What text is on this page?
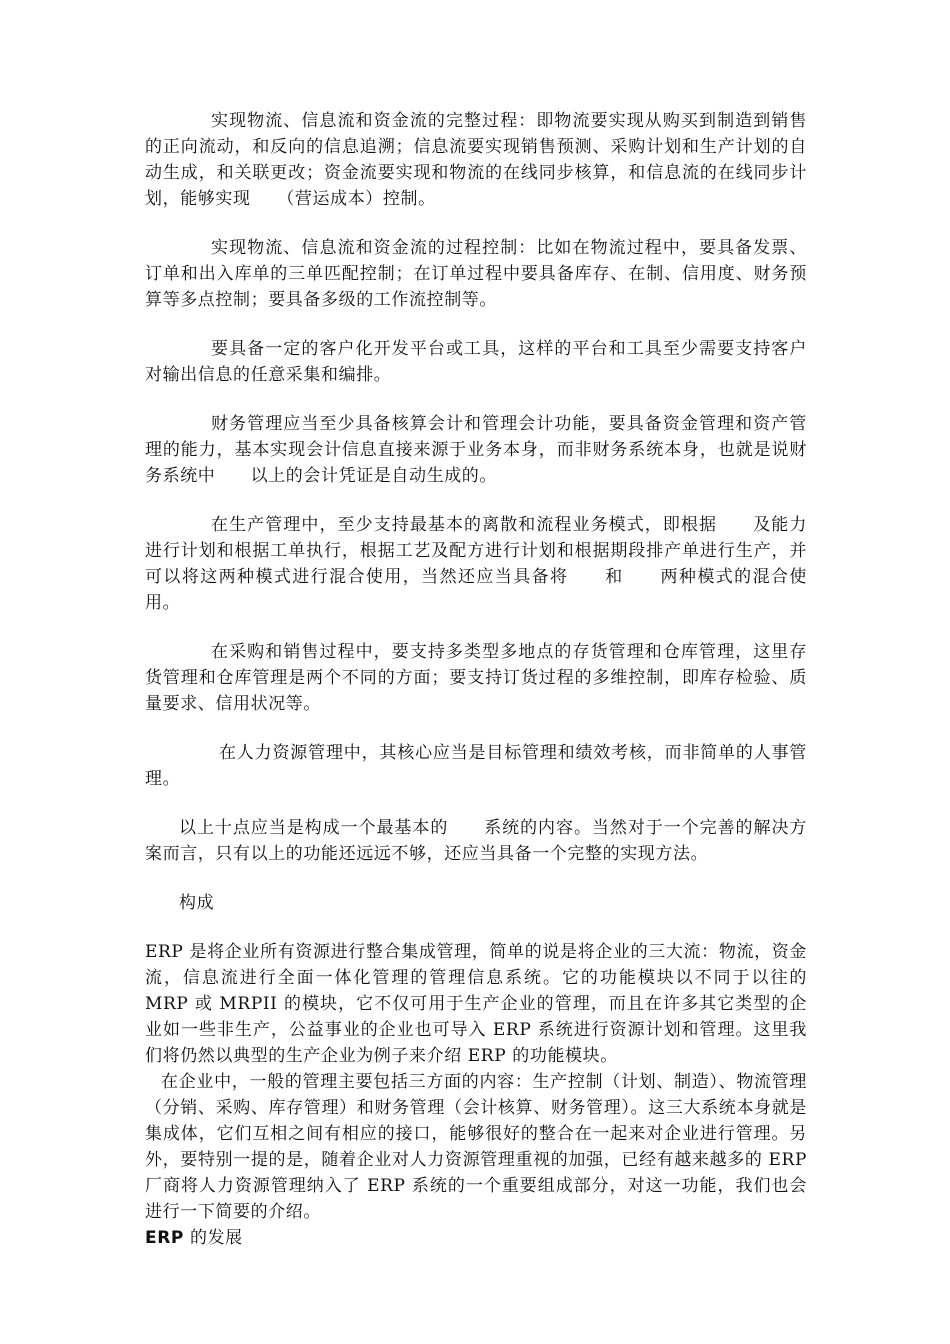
实现物流、信息流和资金流的完整过程：即物流要实现从购买到制造到销售的正向流动，和反向的信息追溯；信息流要实现销售预测、采购计划和生产计划的自动生成，和关联更改；资金流要实现和物流的在线同步核算，和信息流的在线同步计划，能够实现　　（营运成本）控制。

实现物流、信息流和资金流的过程控制：比如在物流过程中，要具备发票、订单和出入库单的三单匹配控制；在订单过程中要具备库存、在制、信用度、财务预算等多点控制；要具备多级的工作流控制等。

要具备一定的客户化开发平台或工具，这样的平台和工具至少需要支持客户对输出信息的任意采集和编排。

财务管理应当至少具备核算会计和管理会计功能，要具备资金管理和资产管理的能力，基本实现会计信息直接来源于业务本身，而非财务系统本身，也就是说财务系统中　　以上的会计凭证是自动生成的。

在生产管理中，至少支持最基本的离散和流程业务模式，即根据　　及能力进行计划和根据工单执行，根据工艺及配方进行计划和根据期段排产单进行生产，并可以将这两种模式进行混合使用，当然还应当具备将　　和　　两种模式的混合使用。

在采购和销售过程中，要支持多类型多地点的存货管理和仓库管理，这里存货管理和仓库管理是两个不同的方面；要支持订货过程的多维控制，即库存检验、质量要求、信用状况等。

在人力资源管理中，其核心应当是目标管理和绩效考核，而非简单的人事管理。

以上十点应当是构成一个最基本的　　系统的内容。当然对于一个完善的解决方案而言，只有以上的功能还远远不够，还应当具备一个完整的实现方法。

构成

ERP 是将企业所有资源进行整合集成管理，简单的说是将企业的三大流：物流，资金流，信息流进行全面一体化管理的管理信息系统。它的功能模块以不同于以往的 MRP 或 MRPII 的模块，它不仅可用于生产企业的管理，而且在许多其它类型的企业如一些非生产，公益事业的企业也可导入 ERP 系统进行资源计划和管理。这里我们将仍然以典型的生产企业为例子来介绍 ERP 的功能模块。

在企业中，一般的管理主要包括三方面的内容：生产控制（计划、制造）、物流管理（分销、采购、库存管理）和财务管理（会计核算、财务管理）。这三大系统本身就是集成体，它们互相之间有相应的接口，能够很好的整合在一起来对企业进行管理。另外，要特别一提的是，随着企业对人力资源管理重视的加强，已经有越来越多的 ERP 厂商将人力资源管理纳入了 ERP 系统的一个重要组成部分，对这一功能，我们也会进行一下简要的介绍。

ERP 的发展
